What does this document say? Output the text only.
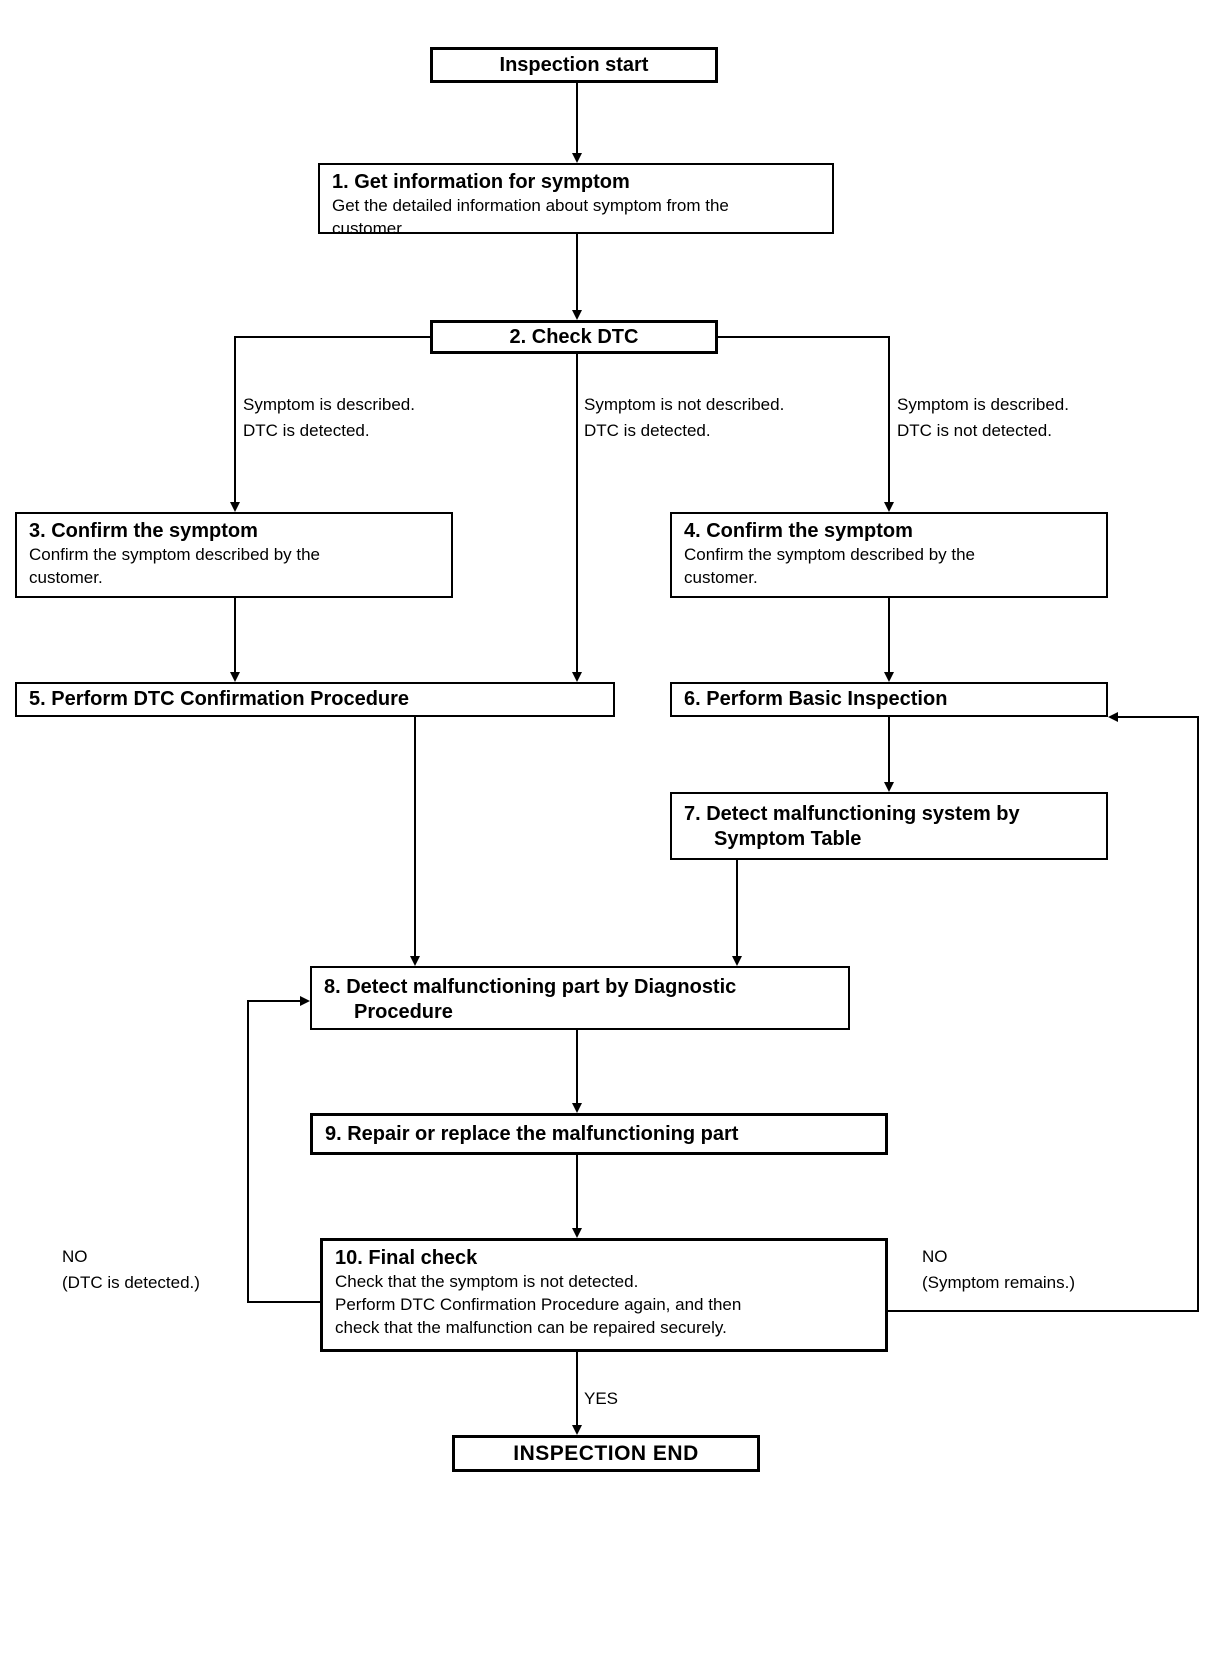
Inspection start
1. Get information for symptom
Get the detailed information about symptom from the
customer.
2. Check DTC
3. Confirm the symptom
Confirm the symptom described by the
customer.
4. Confirm the symptom
Confirm the symptom described by the
customer.
5. Perform DTC Confirmation Procedure	6. Perform Basic Inspection
7. Detect malfunctioning system by
Symptom Table
8. Detect malfunctioning part by Diagnostic
Procedure
9. Repair or replace the malfunctioning part
10. Final check
Check that the symptom is not detected.
Perform DTC Confirmation Procedure again, and then
check that the malfunction can be repaired securely.
INSPECTION END
Symptom is described.
DTC is detected.
Symptom is not described.
DTC is detected.
Symptom is described.
DTC is not detected.
NO
(DTC is detected.)
NO
(Symptom remains.)
YES
